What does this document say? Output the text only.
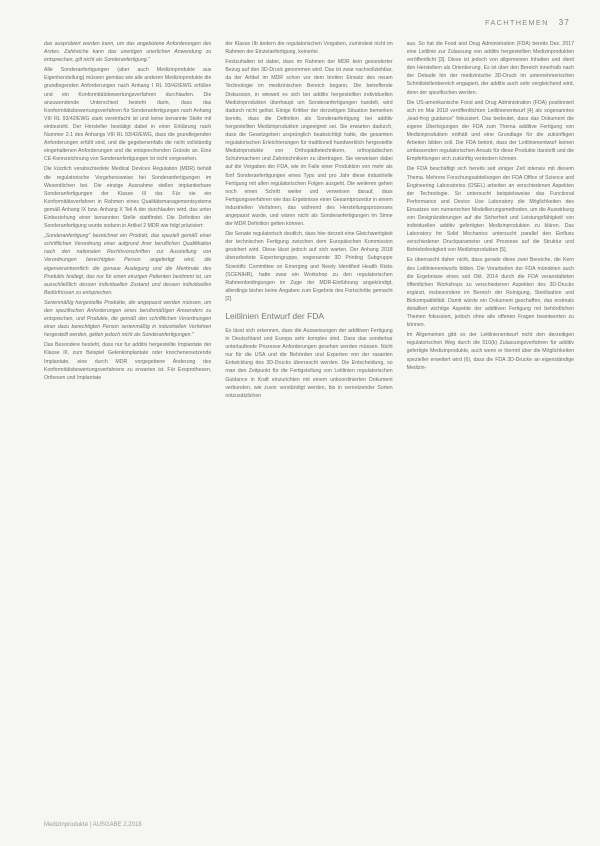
FACHTHEMEN 37

das ausprobiert worden kann, um das angebotene Anforderungen des Arztes. Zahlreiche kann das unertigen unerlichen Anwendung zu entsprechen, gilt nicht als Sonderanfertigung."

Alle Sonderanfertigungen (aber auch Medizinprodukte aus Eigenherstellung) müssen gemäss wie alle anderen Medizinprodukte die grundlegenden Anforderungen nach Anhang I RL 93/42/EWG erfüllen und ein Konformitätsbewertungsverfahren durchlaufen. Die anzuwendende Unterschied besteht darin, dass das Konformitätsbewertungsverfahren für Sonderanfertigungen nach Anhang VIII RL 93/42/EWG stark vereinfacht ist und keine benannte Stelle mit einbezieht. Der Hersteller bestätigt dabei in einer Erklärung nach Nummer 2.1 des Anhangs VIII RL 93/42/EWG, dass die grundlegenden Anforderungen erfüllt sind, und die gegebenenfalls die nicht vollständig eingehaltenen Anforderungen und die entsprechenden Gründe an. Eine CE-Kennzeichnung von Sonderanfertigungen ist nicht vorgesehen.

Die kürzlich verabschiedete Medical Devices Regulation (MDR) behält die regulatorische Vorgehensweise bei Sonderanfertigungen im Wesentlichen bei. Die einzige Ausnahme stellen implantierbare Sonderanfertigungen der Klasse III dar. Für sie ein Konformitätsverfahren in Rahmen eines Qualitätsmanagementsystems gemäß Anhang IX bzw. Anhang X Teil A der durchlaufen wird, das unter Einbeziehung einer benannten Stelle stattfindet. Die Definition der Sonderanfertigung wurde sodann in Artikel 2 MDR wie folgt präzisiert:

„Sonderanfertigung" bezeichnet ein Produkt, das speziell gemäß einer schriftlichen Verordnung einer aufgrund ihrer beruflichen Qualifikation nach den nationalen Rechtsvorschriften zur Ausstellung von Verordnungen berechtigten Person angefertigt wird, die eigenverantwortlich die genaue Auslegung und die Merkmale des Produkts festlegt, das nur für einen einzigen Patienten bestimmt ist, um ausschließlich dessen individuellen Zustand und dessen individuellen Bedürfnissen zu entsprechen.

Serienmäßig hergestellte Produkte, die angepasst werden müssen, um den spezifischen Anforderungen eines berufsmäßigen Anwenders zu entsprechen, und Produkte, die gemäß den schriftlichen Verordnungen einer dazu berechtigten Person serienmäßig in industriellen Verfahren hergestellt werden, gelten jedoch nicht als Sonderanfertigungen."

Das Besondere besteht, dass nur fur additiv hergestellte Implantate der Klasse III, zum Beispiel Gelenkimplantate oder knochenersetzende Implantate, eine durch MDR vorgegebene Änderung des Konformitätsbewertungsverfahrens zu erwarten ist. Für Exoprothesen, Orthesen und Implantate

der Klasse IIb ändern die regulatorischen Vorgaben, zumindest nicht im Rahmen der Einzelanfertigung, keinerlei.

Festzuhalten ist dabei, dass im Rahmen der MDR kein gesonderter Bezug auf den 3D-Druck genommen wird. Das ist zwar nachvollziehbar, da der Artikel im MDR schon vor dem breiten Einsatz des neuen Technologie im medizinischen Bereich begann. Die betreffende Diskussion, in wieweit es sich bei additiv hergestellten individuellen Medizinprodukten überhaupt um Sonderanfertigungen handelt, wird dadurch nicht gelöst. Einige Kritiker der derzeitigen Situation bemerken bereits, dass die Definition als Sonderanfertigung bei additiv hergestellten Medizinprodukten ungeeignet sei. Sie erwarten dadurch, dass die Gesetzgeben ursprünglich beabsichtigt hatte, die gesamten regulatorischen Erleichterungen für traditionell handwerklich hergestellte Medizinprodukte von Orthopädietechnikern, orthopädischen Schuhmachern und Zahntechnikern zu übertragen. Sie verweisen dabei auf die Vorgaben der FDA, wie im Falle einer Produktion von mehr als fünf Sonderanfertigungen eines Typs und pro Jahr diese industrielle Fertigung mit allen regulatorischen Folgen ausgeht. Die weiteren gehen noch einen Schritt weiter und verweisen darauf, dass Fertigungsverfahren wie das Ergebnisse einer Gesamtprozedur in einem industriellen Verfahren, das während des Herstellungsprozesses angepasst wurde, und wären nicht als Sonderanfertigungen im Sinne der MDR Definition gelten können.

Die Senate regulatorisch deutlich, dass hier derzeit eine Gleichwertigkeit der technischen Fertigung zwischen dem Europäischen Kommission gesichert wird. Diese lässt jedoch auf sich warten. Der Anhang 2018 überarbeitete Expertengruppe, sogenannte 3D Printing Subgruppe Scientific Committee on Emerging and Newly Identified Health Risks (SCENIHR), hatte zwar ein Workshop zu den regulatorischen Rahmenbedingungen im Zuge der MDR-Einführung angekündigt, allerdings bisher keine Angaben zum Ergebnis des Fortschritte gemacht [2].

Leitlinien Entwurf der FDA

Es lässt sich erkennen, dass die Ausweisungen der additiven Fertigung in Deutschland und Europa sehr komplex sind. Dass das sonderbar unterlaufende Prozesse Anforderungen gesehen werden müssen. Nicht nur für die USA und die Behörden und Experten von der rasanten Entwicklung des 3D-Drucks überrascht werden. Die Entscheidung, so man den Zeitpunkt für die Fertigstellung von Leitlinien regulatorischen Guidance in Kraft einzurichten mit einem unkoordinierten Dokument verbunden, wie zuvor verständigt werden, bis in vernetzender Sorten notzusätzlichen

aus. So hat die Food and Drug Administration (FDA) bereits Dez. 2017 eine Leitlinie zur Zulassung von additiv hergestellten Medizinprodukten veröffentlicht [3]. Diese ist jedoch von allgemeinen Inhalten und dient den Herstellern als Orientierung. Es ist über den Bereich innerhalb nach der Dekade hin der medizinische 3D-Druck im unternehmerischen Schnittstellenbereich engagiert, der additiv auch sehr vergleichend wird, denn der spezifischen werden.

Die US-amerikanische Food and Drug Administration (FDA) positioniert sich im Mai 2018 veröffentlichten Leitlinienentwurf [4] als sogenanntes „lead-frog guidance" fokussiert. Das bedeutet, dass das Dokument die eigene Überlegungen der FDA zum Thema additive Fertigung von Medizinprodukten enthält und eine Grundlage für die zukünftigen Arbeiten bilden soll. Die FDA betont, dass der Leitlinienentwurf keinen umfassenden regulatorischen Ansatz für diese Produkte darstellt und die Empfehlungen sich zukünftig verändern können.

Die FDA beschäftigt sich bereits seit einiger Zeit intensiv mit diesem Thema. Mehrere Forschungsabteilungen der FDA Office of Science and Engineering Laboratories (OSEL) arbeiten an verschiedenen Aspekten der Technologie. So untersucht beispielsweise das Functional Performance and Device Use Laboratory die Möglichkeiten des Einsatzes von numerischen Modellierungsmethoden, um die Auswirkung von Designänderungen auf die Sicherheit und Leistungsfähigkeit von individuellen additiv gefertigten Medizinprodukten zu klären. Das Laboratory for Solid Mechanics untersucht parallel den Einfluss verschiedener Druckparameter und Prozesse auf die Struktur und Betriebsfestigkeit von Medizinprodukten [5].

Es überrascht daher nicht, dass gerade diese zwei Bereiche, die Kern des Leitlinienentwurfs bilden. Die Vorarbeiten der FDA mündeten auch die Ergebnisse eines seit Okt. 2014 durch die FDA veranstalteten öffentlichen Workshops zu verschiedenen Aspekten des 3D-Drucks ergänzt, insbesondere im Bereich der Reinigung, Sterilisation und Biokompatibilität. Damit würde ein Dokument geschaffen, das erstmals detailliert wichtige Aspekte der additiven Fertigung mit behördlichen Themen fokussiert, jedoch ohne alle offenen Fragen beantworten zu können.

Im Allgemeinen gibt es der Leitlinienentwurf nicht den derzeitigen regulatorischen Weg durch die 510(k) Zulassungsverfahren für additiv gefertigte Medizinprodukte, auch wenn er hiermit über die Möglichkeiten spezieller erweitert wird (6), dass die FDA 3D-Drucke an eigenständige Medizin-

Medizinprodukte | AUSGABE 2.2018
